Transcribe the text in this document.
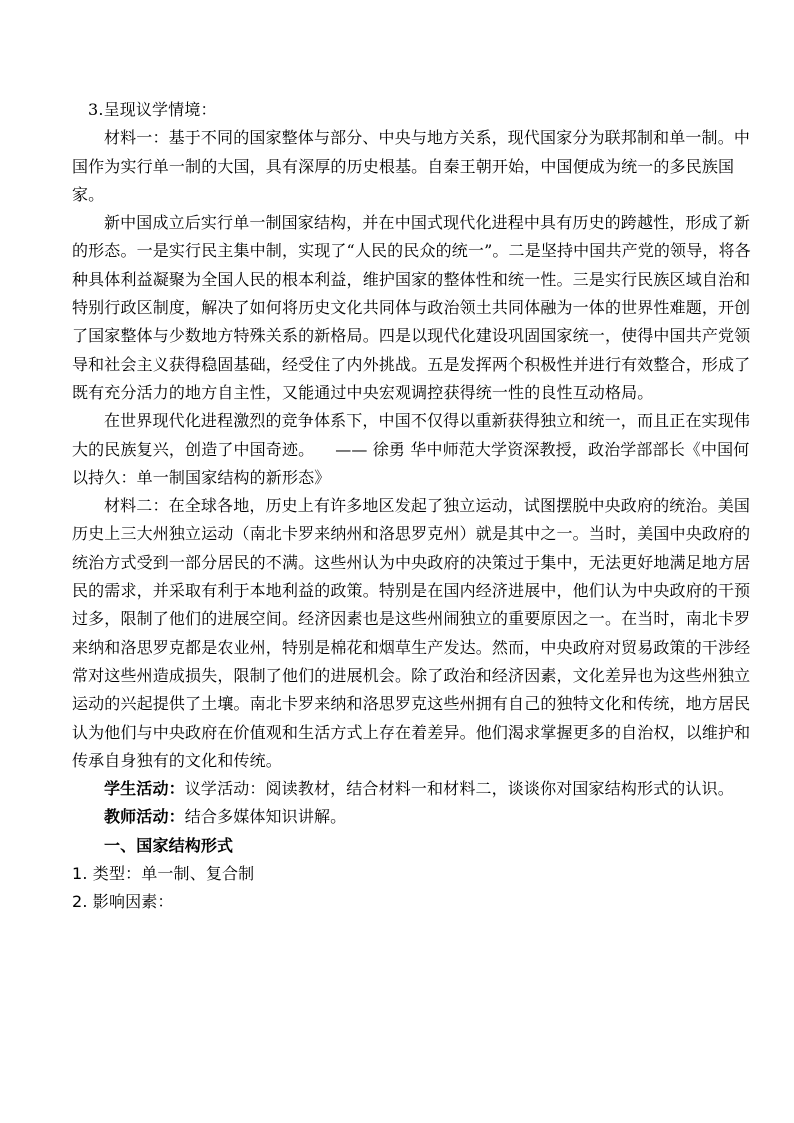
3.呈现议学情境：

材料一：基于不同的国家整体与部分、中央与地方关系，现代国家分为联邦制和单一制。中国作为实行单一制的大国，具有深厚的历史根基。自秦王朝开始，中国便成为统一的多民族国家。

新中国成立后实行单一制国家结构，并在中国式现代化进程中具有历史的跨越性，形成了新的形态。一是实行民主集中制，实现了“人民的民众的统一”。二是坚持中国共产党的领导，将各种具体利益凝聚为全国人民的根本利益，维护国家的整体性和统一性。三是实行民族区域自治和特别行政区制度，解决了如何将历史文化共同体与政治领土共同体融为一体的世界性难题，开创了国家整体与少数地方特殊关系的新格局。四是以现代化建设巩固国家统一，使得中国共产党领导和社会主义获得稳固基础，经受住了内外挑战。五是发挥两个积极性并进行有效整合，形成了既有充分活力的地方自主性，又能通过中央宏观调控获得统一性的良性互动格局。

在世界现代化进程激烈的竞争体系下，中国不仅得以重新获得独立和统一，而且正在实现伟大的民族复兴，创造了中国奇迹。 —— 徐勇 华中师范大学资深教授，政治学部部长《中国何以持久：单一制国家结构的新形态》

材料二：在全球各地，历史上有许多地区发起了独立运动，试图摆脱中央政府的统治。美国历史上三大州独立运动（南北卡罗来纳州和洛思罗克州）就是其中之一。当时，美国中央政府的统治方式受到一部分居民的不满。这些州认为中央政府的决策过于集中，无法更好地满足地方居民的需求，并采取有利于本地利益的政策。特别是在国内经济进展中，他们认为中央政府的干预过多，限制了他们的进展空间。经济因素也是这些州闹独立的重要原因之一。在当时，南北卡罗来纳和洛思罗克都是农业州，特别是棉花和烟草生产发达。然而，中央政府对贸易政策的干涉经常对这些州造成损失，限制了他们的进展机会。除了政治和经济因素，文化差异也为这些州独立运动的兴起提供了土壤。南北卡罗来纳和洛思罗克这些州拥有自己的独特文化和传统，地方居民认为他们与中央政府在价值观和生活方式上存在着差异。他们渴求掌握更多的自治权，以维护和传承自身独有的文化和传统。

学生活动：议学活动：阅读教材，结合材料一和材料二，谈谈你对国家结构形式的认识。

教师活动：结合多媒体知识讲解。

一、国家结构形式

1. 类型：单一制、复合制

2. 影响因素：
